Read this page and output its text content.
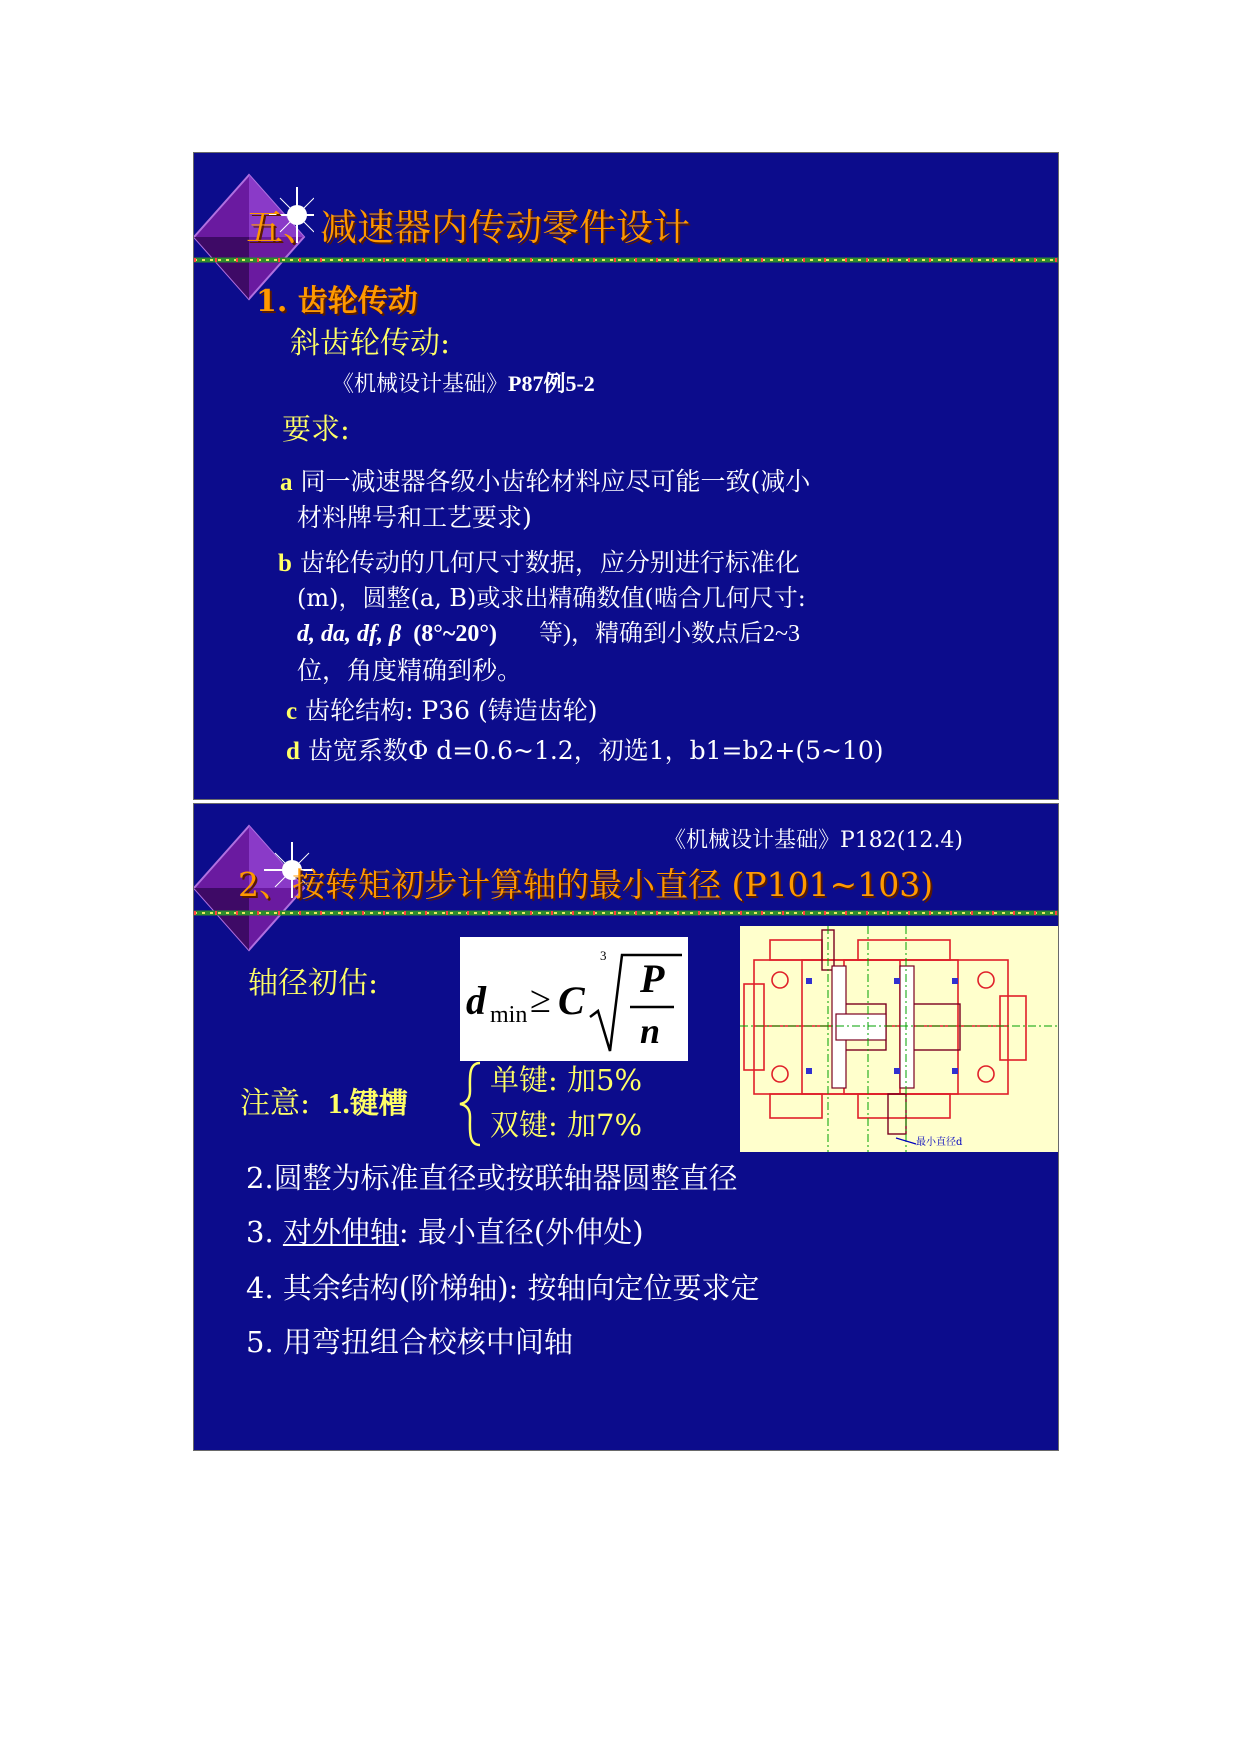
五、减速器内传动零件设计
1. 齿轮传动
斜齿轮传动:
《机械设计基础》P87例5-2
要求:
a 同一减速器各级小齿轮材料应尽可能一致(减小
材料牌号和工艺要求)
b 齿轮传动的几何尺寸数据，应分别进行标准化
(m)，圆整(a, B)或求出精确数值(啮合几何尺寸:
d, da, df, β (8°~20°) 等)，精确到小数点后2~3
位，角度精确到秒。
c 齿轮结构: P36 (铸造齿轮)
d 齿宽系数Φ d=0.6~1.2，初选1，b1=b2+(5~10)
《机械设计基础》P182(12.4)
2、按转矩初步计算轴的最小直径 (P101~103)
轴径初估: d min ≥ C
3
P
n
最小直径d
注意: 1.键槽
单键: 加5%
双键: 加7%
2.圆整为标准直径或按联轴器圆整直径
3. 对外伸轴: 最小直径(外伸处)
4. 其余结构(阶梯轴): 按轴向定位要求定
5. 用弯扭组合校核中间轴
